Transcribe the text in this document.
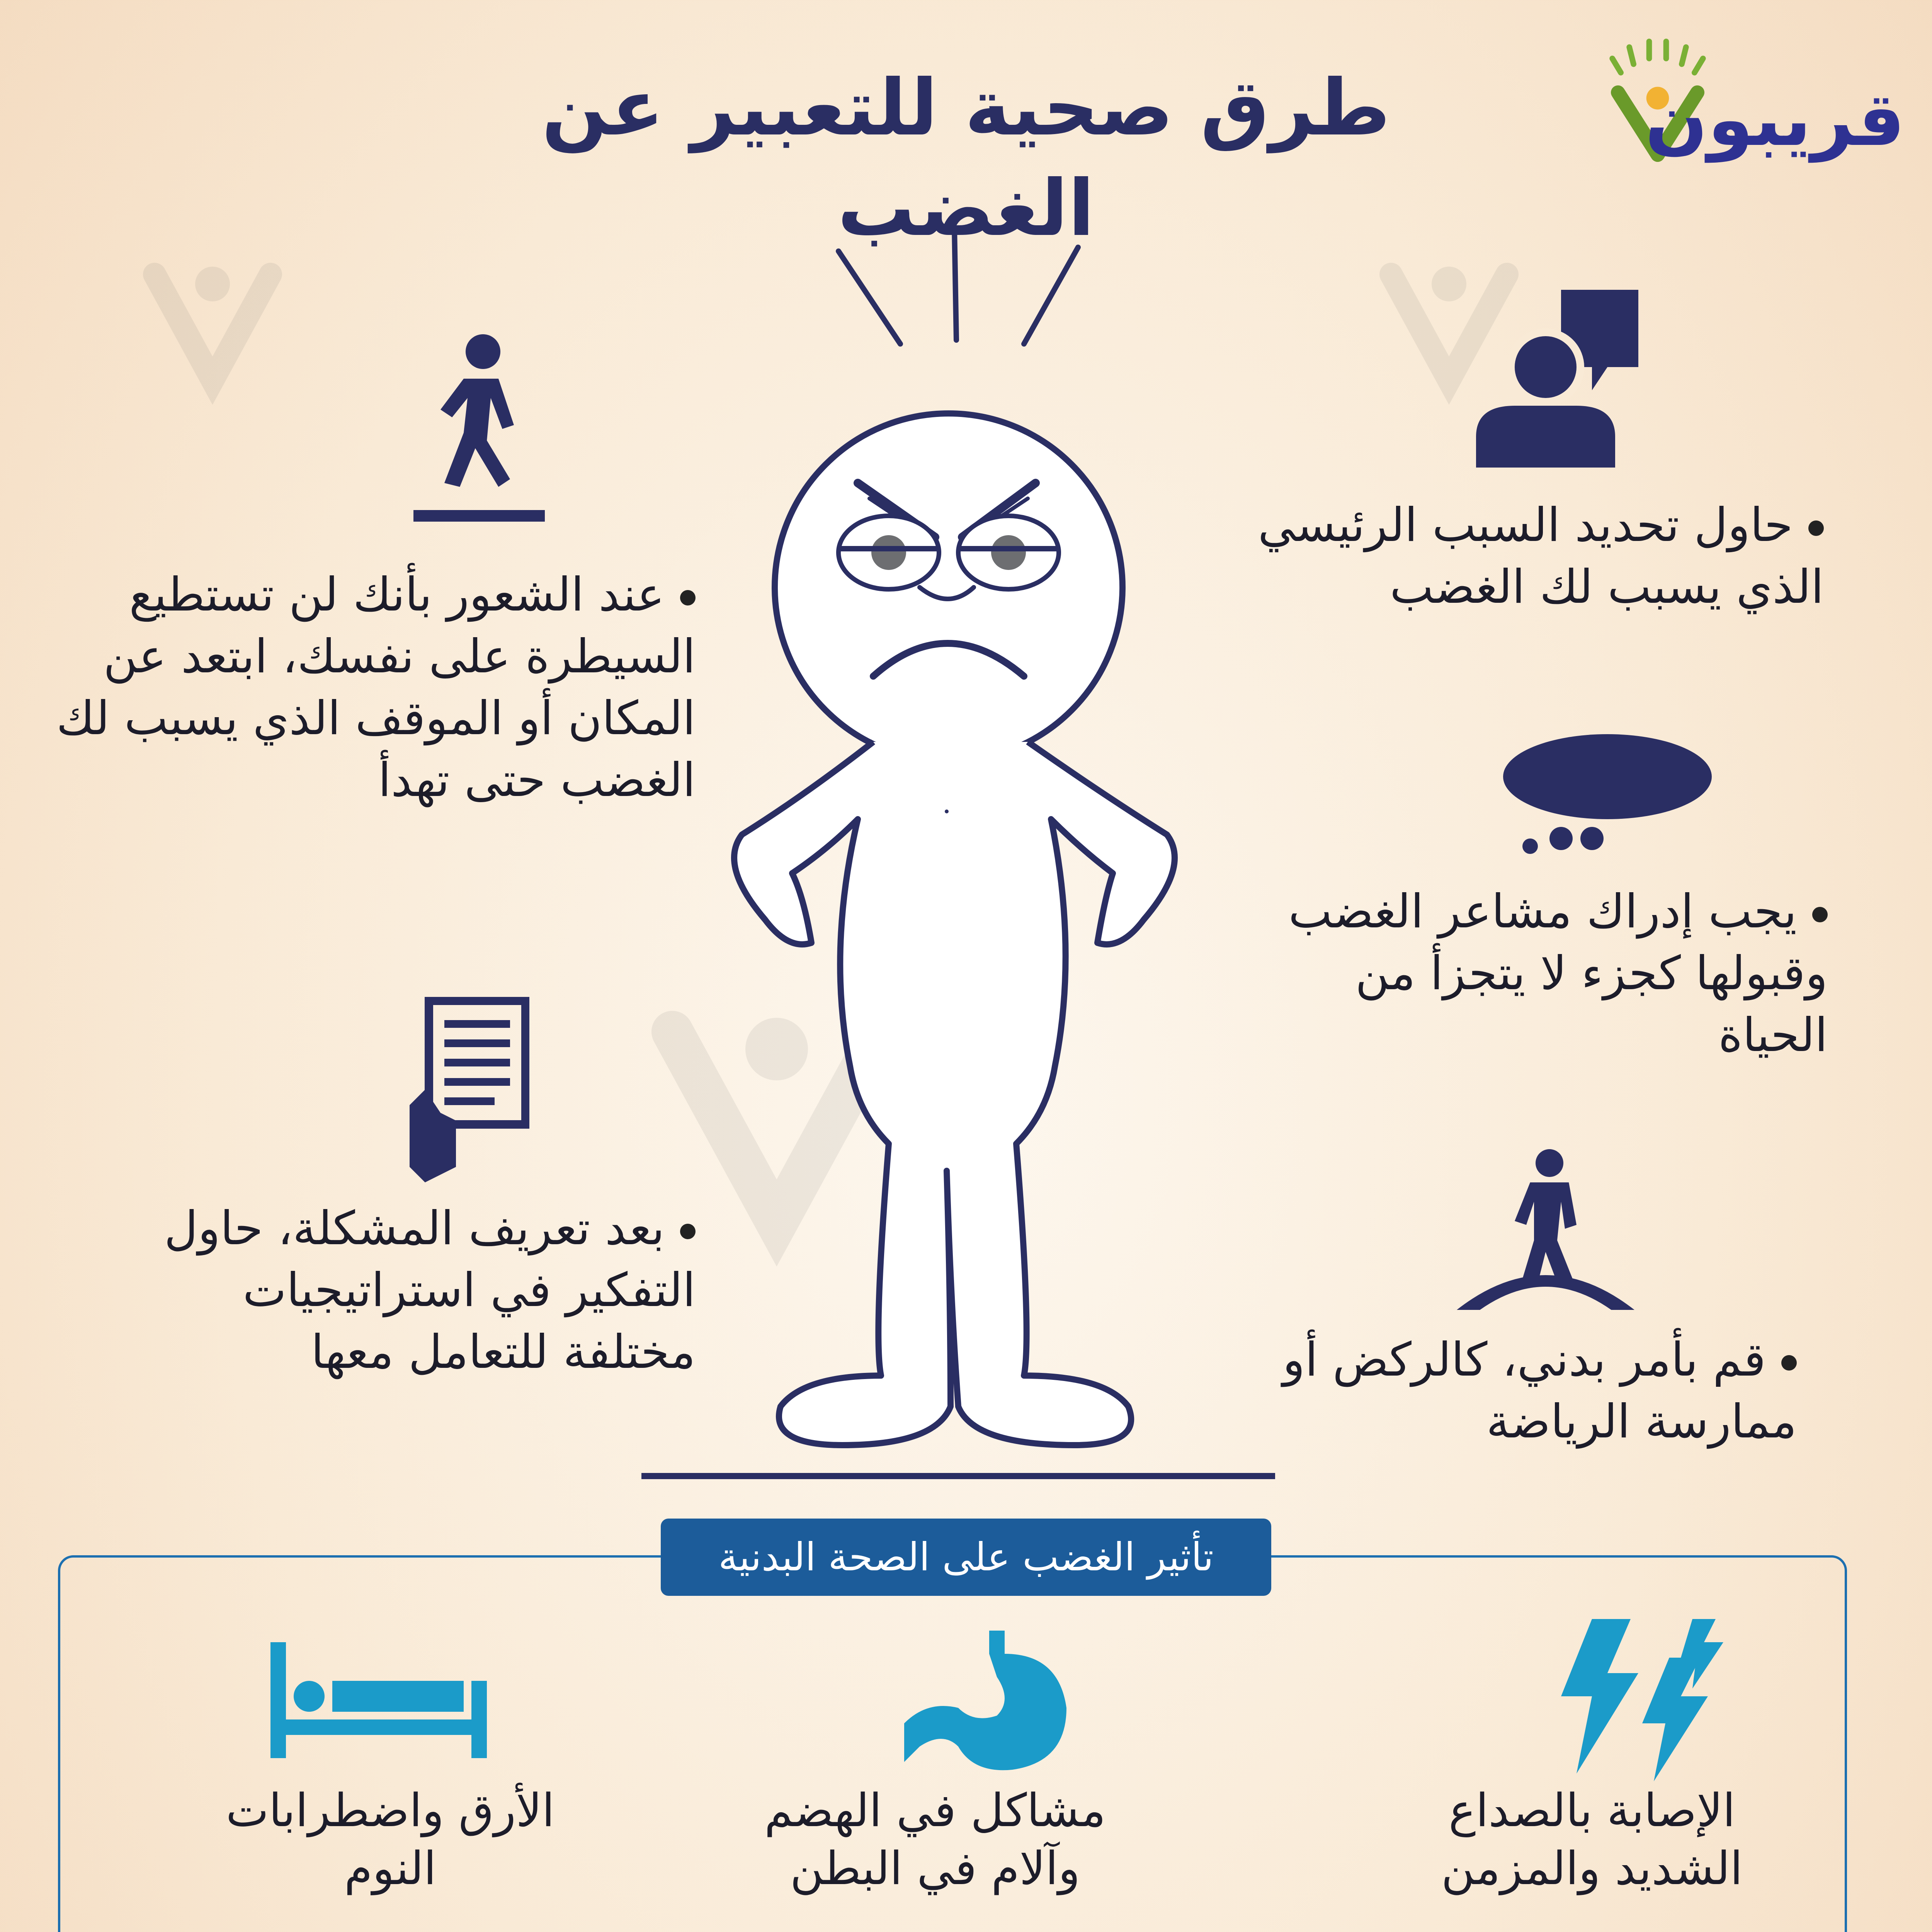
طرق صحية للتعبير عن الغضب
قريبون
عند الشعور بأنك لن تستطيع السيطرة على نفسك، ابتعد عن المكان أو الموقف الذي يسبب لك الغضب حتى تهدأ
حاول تحديد السبب الرئيسي الذي يسبب لك الغضب
يجب إدراك مشاعر الغضب وقبولها كجزء لا يتجزأ من الحياة
بعد تعريف المشكلة، حاول التفكير في استراتيجيات مختلفة للتعامل معها	قم بأمر بدني، كالركض أو ممارسة الرياضة
تأثير الغضب على الصحة البدنية
الإصابة بالصداع الشديد والمزمن
مشاكل في الهضم وآلام في البطن
الأرق واضطرابات النوم
